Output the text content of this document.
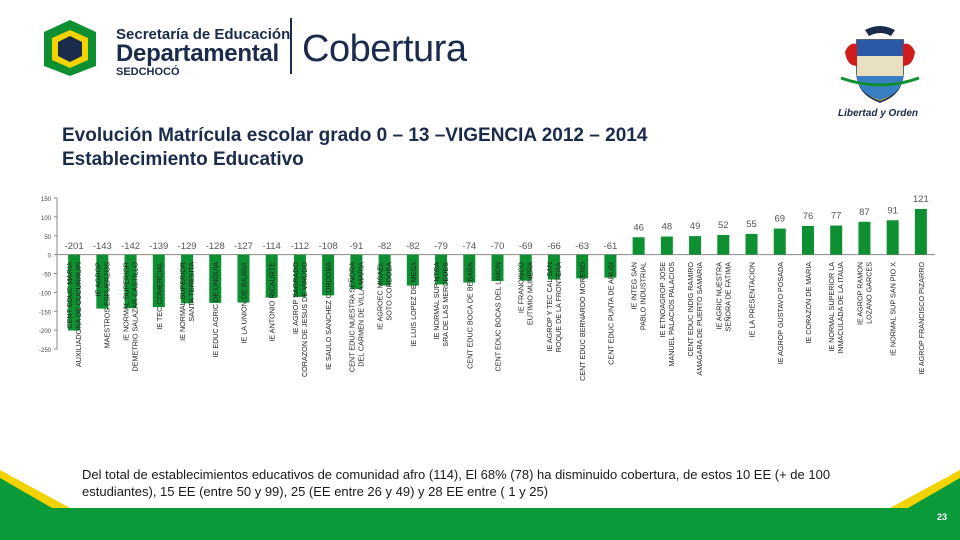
Secretaría de Educación
Departamental
SEDCHOCÓ
Cobertura
Libertad y Orden
Evolución Matrícula escolar grado 0 – 13 –VIGENCIA 2012 – 2014
Establecimiento Educativo
-250
-200
-150
-100
-50
0
50
100
150
-201
CENT EDUC MARIA AUXILIADORA DE CUCURRUPI
-143
IE AGROP MAESTROS ESFUERZOS
-142
IE NORMAL SUPERIOR DEMETRIO SALAZAR CASTILLO
-139
IE TEC COMERCIAL
-129
IE NORMAL SUPERIOR SANTA TERESITA
-128
IE EDUC AGRIC DE UNGUIA
-127
IE LA UNION DE BAJIRA
-114
IE ANTONIO RICAURTE
-112
IE AGROP SAGRADO CORAZON DE JESUS DE VIRUDO
-108
IE SAULO SANCHEZ CORDOBA
-91
CENT EDUC NUESTRA SEÑORA DEL CARMEN DE VILLA MARIA
-82
IE AGROEC MISAEL SOTO CORDOBA
-82
IE LUIS LOPEZ DE MESA
-79
IE NORMAL SUP NTRA SRA DE LAS MERCEDES
-74
CENT EDUC BOCA DE BEBARA
-70
CENT EDUC BOCAS DEL LIMON
-69
IE FRANCISCO EUTIMIO MUNERA
-66
IE AGROP Y TEC CAL SAN ROQUE DE LA FRONTERA
-63
CENT EDUC BERNARDO MORENO
-61
CENT EDUC PUNTA DE ARUSI
46
IE INTEG SAN PABLO INDUSTRIAL
48
IE ETNOAGROP JOSE MANUEL PALACIOS PALACIOS
49
CENT EDUC INDIG RAMIRO AMAGARA DE PUERTO SAMARIA
52
IE AGRIC NUESTRA SEÑORA DE FATIMA
55
IE LA PRESENTACION
69
IE AGROP GUSTAVO POSADA
76
IE CORAZON DE MARIA
77
IE NORMAL SUPERIOR LA INMACULADA DE LA ITAUA
87
IE AGROP RAMON LOZANO GARCES
91
IE NORMAL SUP SAN PIO X
121
IE AGROP FRANCISCO PIZARRO
Del total de establecimientos educativos de comunidad afro (114), El 68% (78) ha disminuido cobertura, de estos 10 EE (+ de 100 estudiantes), 15 EE (entre 50 y 99), 25 (EE entre 26 y 49) y 28 EE entre ( 1 y 25)
23
